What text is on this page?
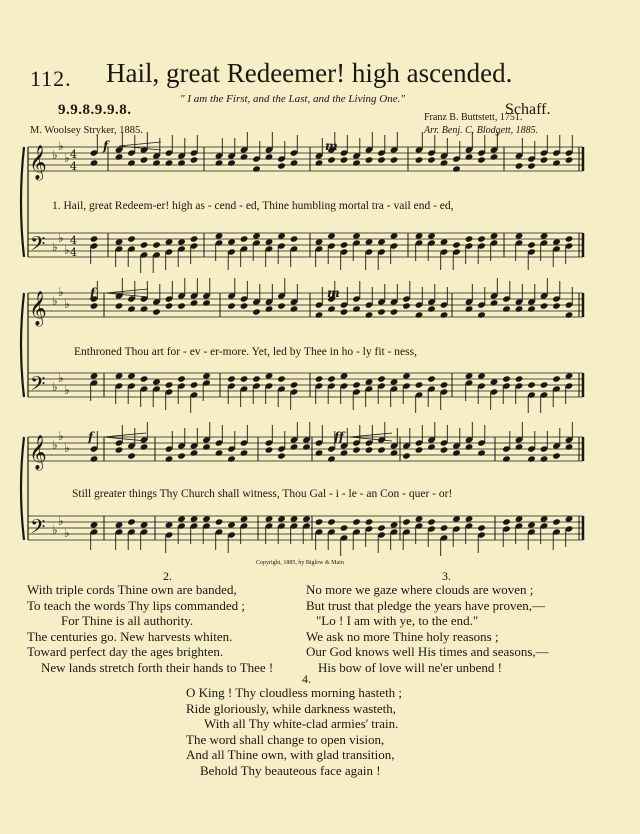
112. Hail, great Redeemer! high ascended.
" I am the First, and the Last, and the Living One."
9.9.8.9.9.8.	Schaff.
M. Woolsey Stryker, 1885.
Franz B. Buttstett, 1751.
Arr. Benj. C. Blodgett, 1885.
𝄞 ♭
♭
♭ 4
4
𝄢 ♭
♭
♭
4
4
𝄞 ♭
♭
♭
𝄢 ♭
♭
♭
𝄞 ♭
♭
♭
𝄢 ♭
♭
♭
f	m
f	m
f	ff
1. Hail, great Redeem-er! high as - cend - ed, Thine humbling mortal tra - vail end - ed,
Enthroned Thou art for - ev - er-more. Yet, led by Thee in ho - ly fit - ness,
Still greater things Thy Church shall witness, Thou Gal - i - le - an Con - quer - or!
Copyright, 1885, by Biglow & Main
2.
With triple cords Thine own are banded,
To teach the words Thy lips commanded ;
For Thine is all authority.
The centuries go. New harvests whiten.
Toward perfect day the ages brighten.
New lands stretch forth their hands to Thee !
3.
No more we gaze where clouds are woven ;
But trust that pledge the years have proven,—
"Lo ! I am with ye, to the end."
We ask no more Thine holy reasons ;
Our God knows well His times and seasons,—
His bow of love will ne'er unbend !
4.
O King ! Thy cloudless morning hasteth ;
Ride gloriously, while darkness wasteth,
With all Thy white-clad armies' train.
The word shall change to open vision,
And all Thine own, with glad transition,
Behold Thy beauteous face again !
